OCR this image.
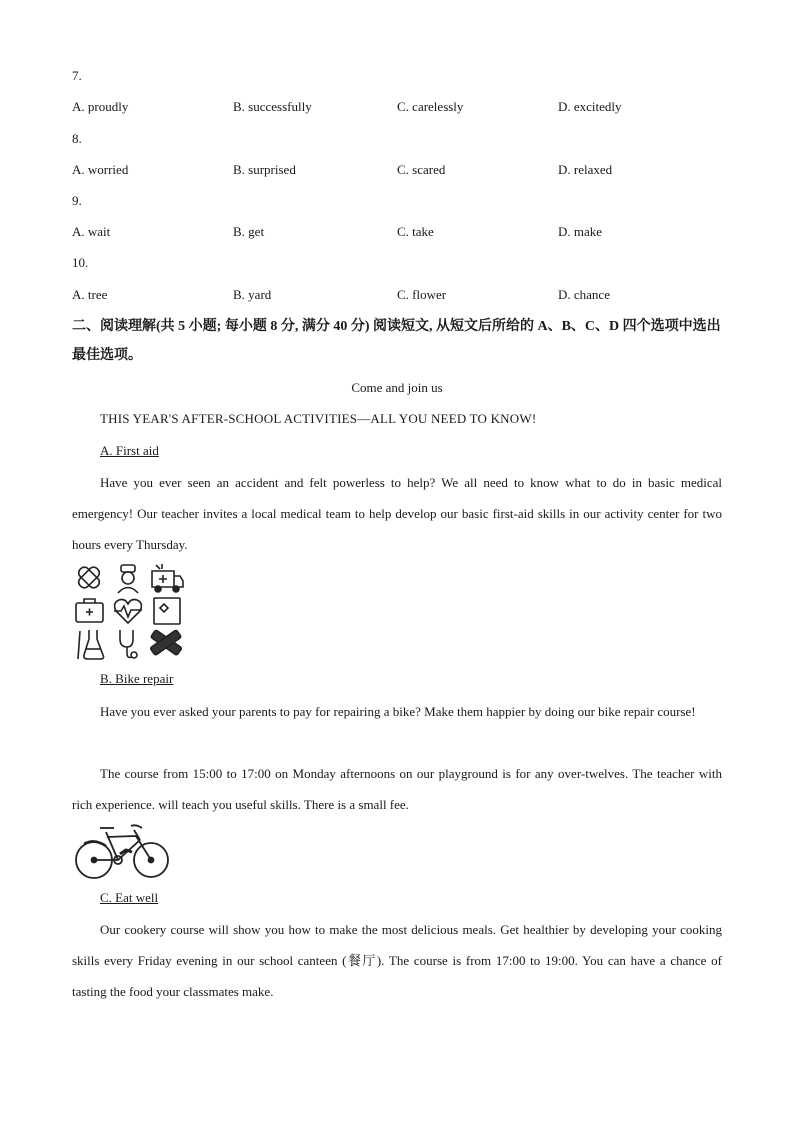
7.
A. proudly	B. successfully	C. carelessly	D. excitedly
8.
A. worried	B. surprised	C. scared	D. relaxed
9.
A. wait	B. get	C. take	D. make
10.
A. tree	B. yard	C. flower	D. chance
二、阅读理解(共 5 小题; 每小题 8 分, 满分 40 分) 阅读短文, 从短文后所给的 A、B、C、D 四个选项中选出最佳选项。
Come and join us
THIS YEAR'S AFTER-SCHOOL ACTIVITIES—ALL YOU NEED TO KNOW!
A. First aid
Have you ever seen an accident and felt powerless to help? We all need to know what to do in basic medical emergency! Our teacher invites a local medical team to help develop our basic first-aid skills in our activity center for two hours every Thursday.
B. Bike repair
Have you ever asked your parents to pay for repairing a bike? Make them happier by doing our bike repair course!
The course from 15:00 to 17:00 on Monday afternoons on our playground is for any over-twelves. The teacher with rich experience. will teach you useful skills. There is a small fee.
C. Eat well
Our cookery course will show you how to make the most delicious meals. Get healthier by developing your cooking skills every Friday evening in our school canteen (餐厅). The course is from 17:00 to 19:00. You can have a chance of tasting the food your classmates make.
